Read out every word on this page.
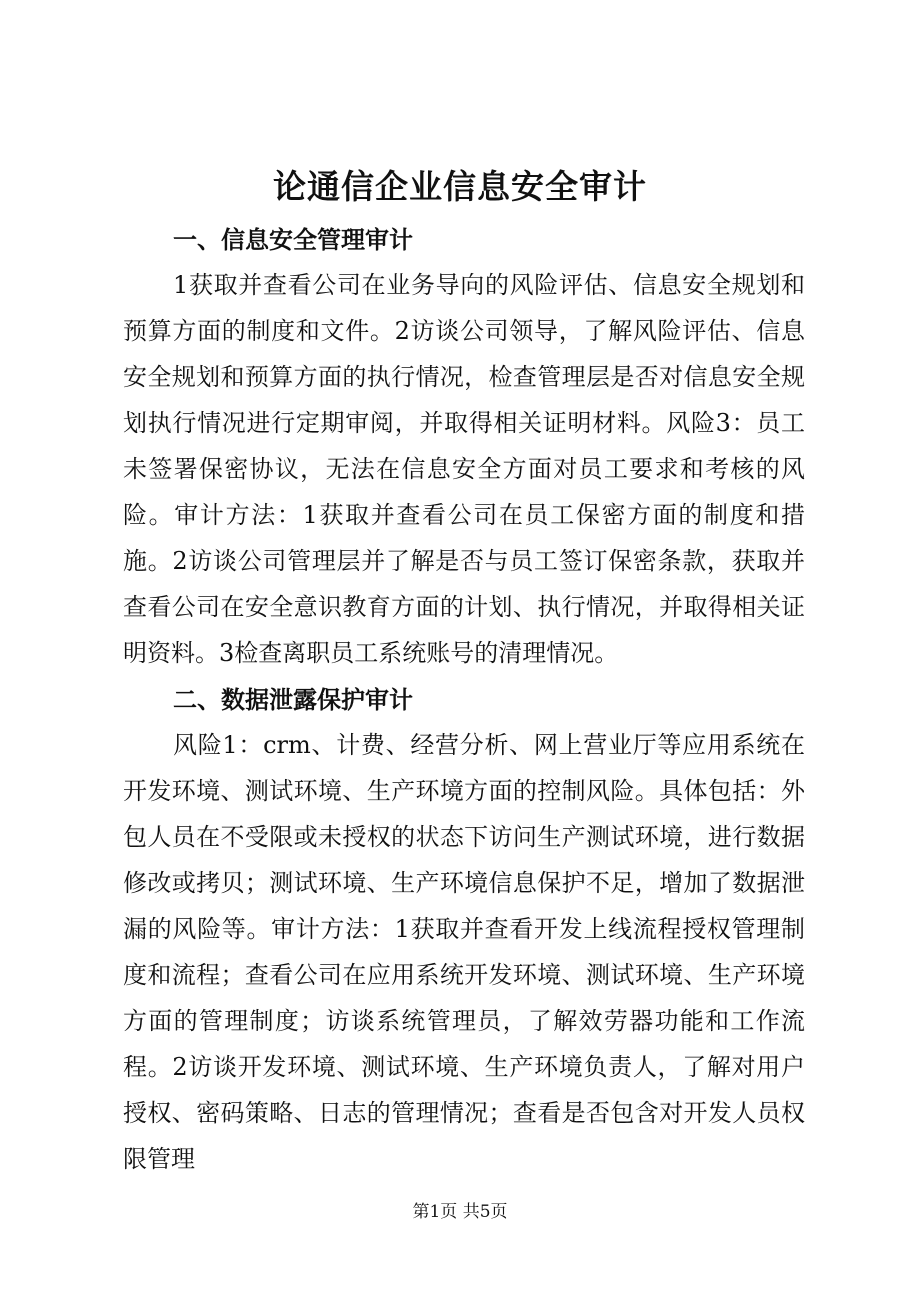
论通信企业信息安全审计
一、信息安全管理审计

1获取并查看公司在业务导向的风险评估、信息安全规划和预算方面的制度和文件。2访谈公司领导，了解风险评估、信息安全规划和预算方面的执行情况，检查管理层是否对信息安全规划执行情况进行定期审阅，并取得相关证明材料。风险3：员工未签署保密协议，无法在信息安全方面对员工要求和考核的风险。审计方法：1获取并查看公司在员工保密方面的制度和措施。2访谈公司管理层并了解是否与员工签订保密条款，获取并查看公司在安全意识教育方面的计划、执行情况，并取得相关证明资料。3检查离职员工系统账号的清理情况。

二、数据泄露保护审计

风险1：crm、计费、经营分析、网上营业厅等应用系统在开发环境、测试环境、生产环境方面的控制风险。具体包括：外包人员在不受限或未授权的状态下访问生产测试环境，进行数据修改或拷贝；测试环境、生产环境信息保护不足，增加了数据泄漏的风险等。审计方法：1获取并查看开发上线流程授权管理制度和流程；查看公司在应用系统开发环境、测试环境、生产环境方面的管理制度；访谈系统管理员，了解效劳器功能和工作流程。2访谈开发环境、测试环境、生产环境负责人，了解对用户授权、密码策略、日志的管理情况；查看是否包含对开发人员权限管理

第1页 共5页
